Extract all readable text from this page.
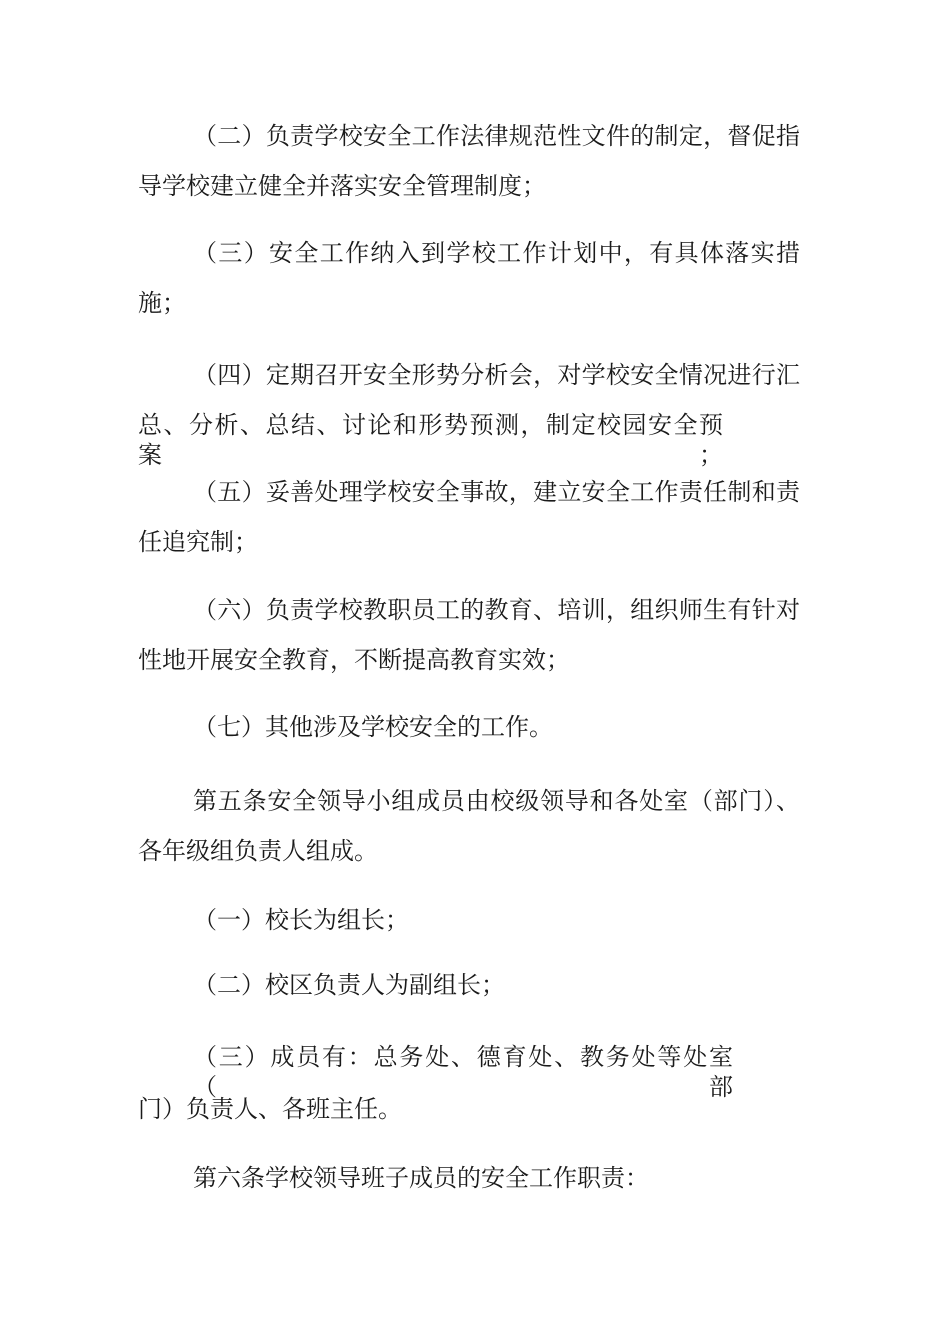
（二）负责学校安全工作法律规范性文件的制定，督促指
导学校建立健全并落实安全管理制度；
（三）安全工作纳入到学校工作计划中，有具体落实措
施；
（四）定期召开安全形势分析会，对学校安全情况进行汇
总、分析、总结、讨论和形势预测，制定校园安全预案；
（五）妥善处理学校安全事故，建立安全工作责任制和责
任追究制；
（六）负责学校教职员工的教育、培训，组织师生有针对
性地开展安全教育，不断提高教育实效；
（七）其他涉及学校安全的工作。
第五条安全领导小组成员由校级领导和各处室（部门）、
各年级组负责人组成。
（一）校长为组长；
（二）校区负责人为副组长；
（三）成员有：总务处、德育处、教务处等处室（部
门）负责人、各班主任。
第六条学校领导班子成员的安全工作职责：
